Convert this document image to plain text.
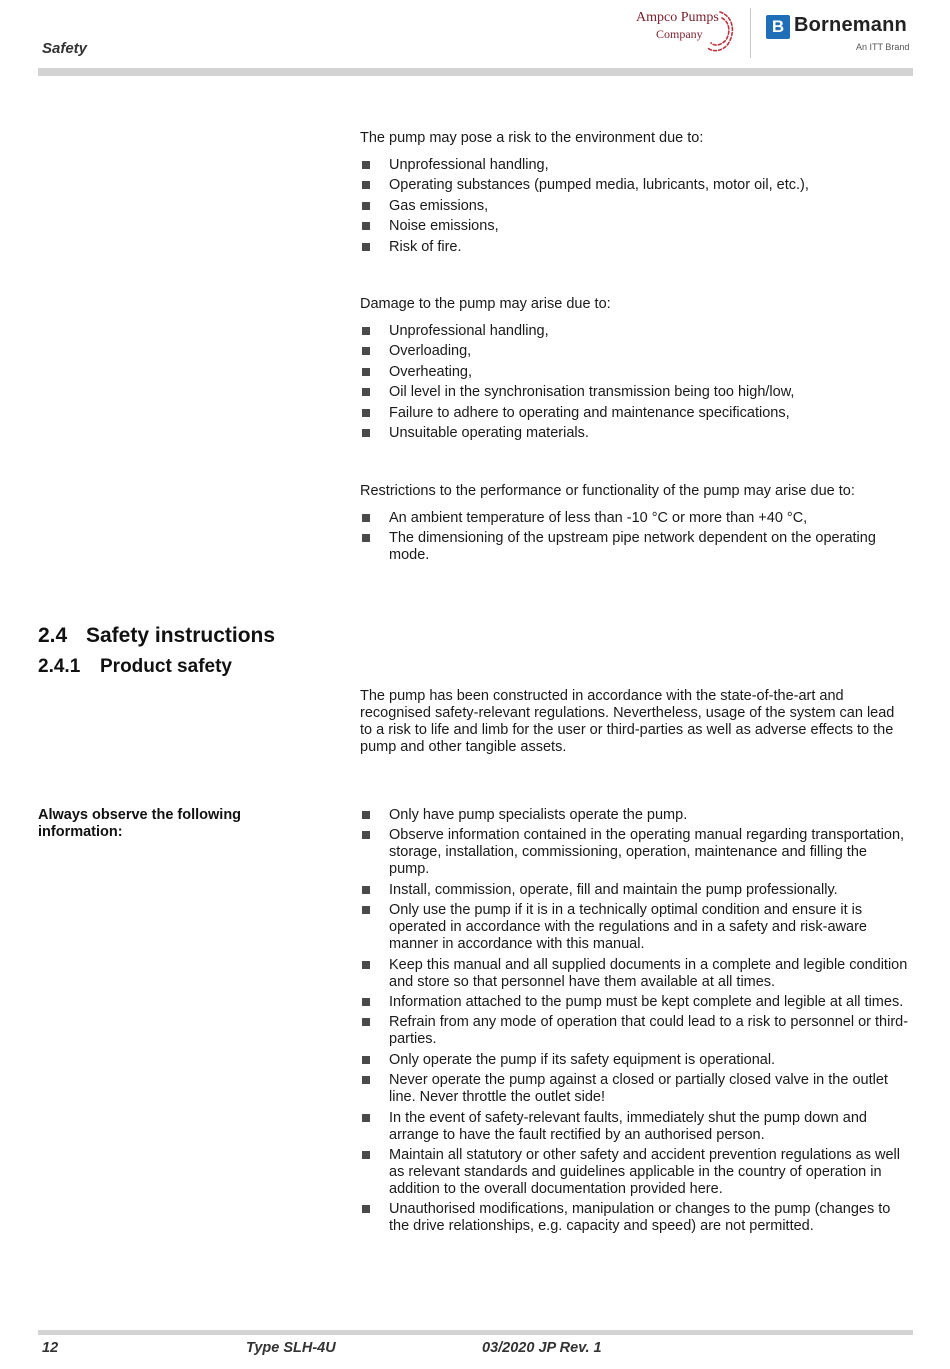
Safety
Ampco Pumps
Company	B Bornemann
An ITT Brand
The pump may pose a risk to the environment due to:
Unprofessional handling,
Operating substances (pumped media, lubricants, motor oil, etc.),
Gas emissions,
Noise emissions,
Risk of fire.
Damage to the pump may arise due to:
Unprofessional handling,
Overloading,
Overheating,
Oil level in the synchronisation transmission being too high/low,
Failure to adhere to operating and maintenance specifications,
Unsuitable operating materials.
Restrictions to the performance or functionality of the pump may arise due to:
An ambient temperature of less than -10 °C or more than +40 °C,
The dimensioning of the upstream pipe network dependent on the operating mode.
2.4 Safety instructions
2.4.1 Product safety
The pump has been constructed in accordance with the state-of-the-art and recognised safety-relevant regulations. Nevertheless, usage of the system can lead to a risk to life and limb for the user or third-parties as well as adverse effects to the pump and other tangible assets.
Always observe the following information:
Only have pump specialists operate the pump.
Observe information contained in the operating manual regarding transportation, storage, installation, commissioning, operation, maintenance and filling the pump.
Install, commission, operate, fill and maintain the pump professionally.
Only use the pump if it is in a technically optimal condition and ensure it is operated in accordance with the regulations and in a safety and risk-aware manner in accordance with this manual.
Keep this manual and all supplied documents in a complete and legible condition and store so that personnel have them available at all times.
Information attached to the pump must be kept complete and legible at all times.
Refrain from any mode of operation that could lead to a risk to personnel or third-parties.
Only operate the pump if its safety equipment is operational.
Never operate the pump against a closed or partially closed valve in the outlet line. Never throttle the outlet side!
In the event of safety-relevant faults, immediately shut the pump down and arrange to have the fault rectified by an authorised person.
Maintain all statutory or other safety and accident prevention regulations as well as relevant standards and guidelines applicable in the country of operation in addition to the overall documentation provided here.
Unauthorised modifications, manipulation or changes to the pump (changes to the drive relationships, e.g. capacity and speed) are not permitted.
12	Type SLH-4U	03/2020 JP Rev. 1
